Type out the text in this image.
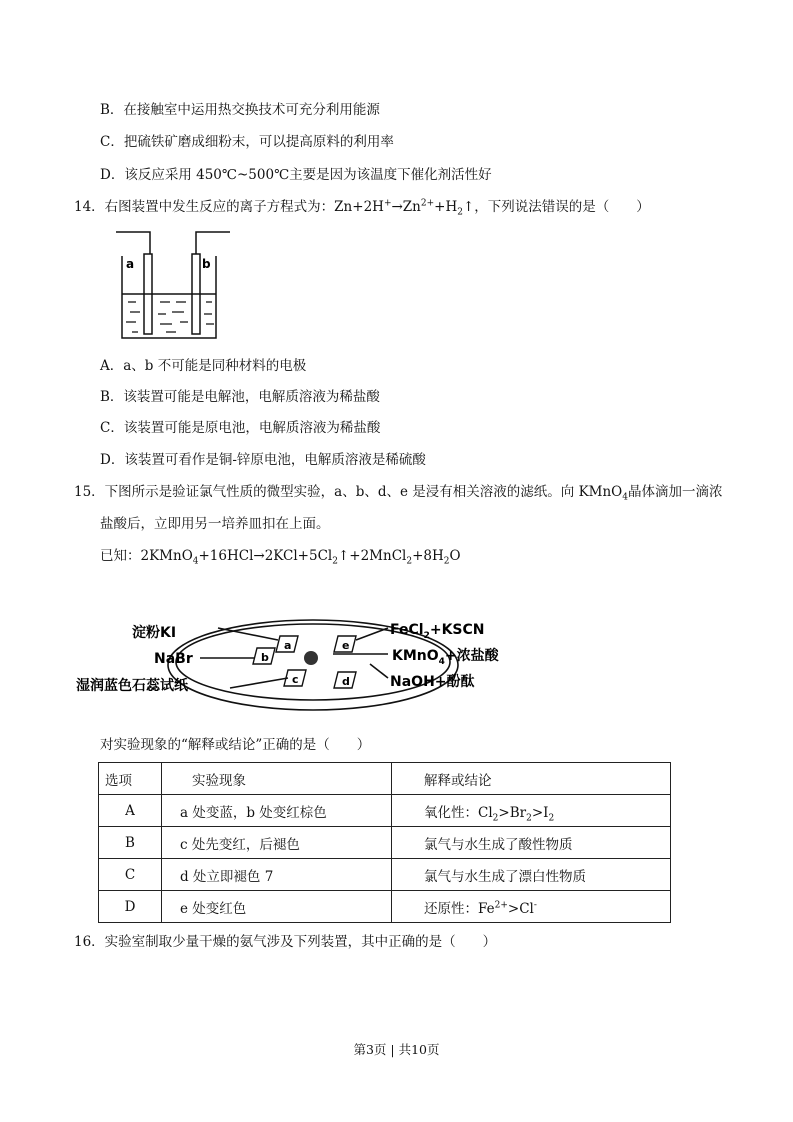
B．在接触室中运用热交换技术可充分利用能源
C．把硫铁矿磨成细粉末，可以提高原料的利用率
D．该反应采用 450℃~500℃主要是因为该温度下催化剂活性好
14．右图装置中发生反应的离子方程式为：$Zn+2H^+\to Zn^{2+}+H_2↑$，下列说法错误的是（　　）
a	b
A．a、b 不可能是同种材料的电极
B．该装置可能是电解池，电解质溶液为稀盐酸
C．该装置可能是原电池，电解质溶液为稀盐酸
D．该装置可看作是铜-锌原电池，电解质溶液是稀硫酸
15．下图所示是验证氯气性质的微型实验，a、b、d、e 是浸有相关溶液的滤纸。向 KMnO$_4$晶体滴加一滴浓
盐酸后，立即用另一培养皿扣在上面。
已知：$2KMnO_4+16HCl\to 2KCl+5Cl_2↑+2MnCl_2+8H_2O$
a
b
c	d
e
淀粉KI
NaBr
湿润蓝色石蕊试纸
FeCl$_2$+KSCN
KMnO$_4$+浓盐酸
NaOH+酚酞
对实验现象的“解释或结论”正确的是（　　）
选项	实验现象	解释或结论
A	a 处变蓝，b 处变红棕色	氧化性：$Cl_2>Br_2>I_2$
B	c 处先变红，后褪色	氯气与水生成了酸性物质
C	d 处立即褪色 7	氯气与水生成了漂白性物质
D	e 处变红色	还原性：$Fe^{2+}>Cl^-$
16．实验室制取少量干燥的氨气涉及下列装置，其中正确的是（　　）
第3页 | 共10页
